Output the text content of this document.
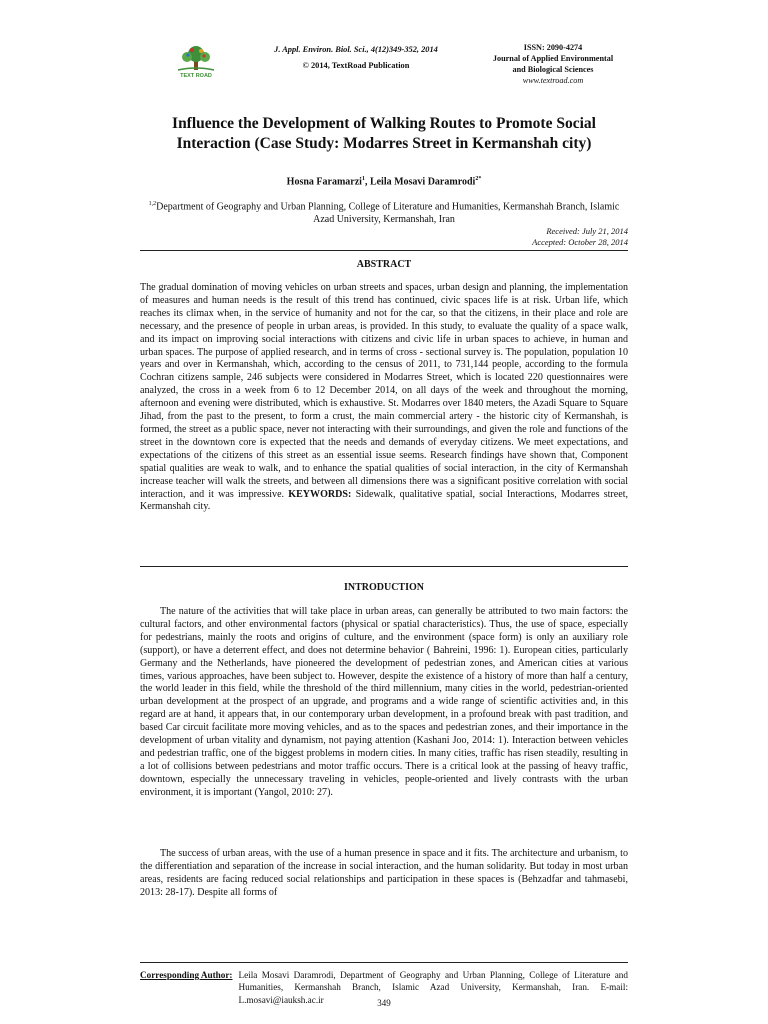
TEXT ROAD
J. Appl. Environ. Biol. Sci., 4(12)349-352, 2014
© 2014, TextRoad Publication
ISSN: 2090-4274
Journal of Applied Environmental
and Biological Sciences
www.textroad.com
Influence the Development of Walking Routes to Promote Social Interaction (Case Study: Modarres Street in Kermanshah city)
Hosna Faramarzi$^1$, Leila Mosavi Daramrodi$^{2*}$
$^{1,2}$Department of Geography and Urban Planning, College of Literature and Humanities, Kermanshah Branch, Islamic Azad University, Kermanshah, Iran
Received: July 21, 2014
Accepted: October 28, 2014
ABSTRACT
The gradual domination of moving vehicles on urban streets and spaces, urban design and planning, the implementation of measures and human needs is the result of this trend has continued, civic spaces life is at risk. Urban life, which reaches its climax when, in the service of humanity and not for the car, so that the citizens, in their place and role are necessary, and the presence of people in urban areas, is provided. In this study, to evaluate the quality of a space walk, and its impact on improving social interactions with citizens and civic life in urban spaces to achieve, in human and urban spaces. The purpose of applied research, and in terms of cross - sectional survey is. The population, population 10 years and over in Kermanshah, which, according to the census of 2011, to 731,144 people, according to the formula Cochran citizens sample, 246 subjects were considered in Modarres Street, which is located 220 questionnaires were analyzed, the cross in a week from 6 to 12 December 2014, on all days of the week and throughout the morning, afternoon and evening were distributed, which is exhaustive. St. Modarres over 1840 meters, the Azadi Square to Square Jihad, from the past to the present, to form a crust, the main commercial artery - the historic city of Kermanshah, is formed, the street as a public space, never not interacting with their surroundings, and given the role and functions of the street in the downtown core is expected that the needs and demands of everyday citizens. We meet expectations, and expectations of the citizens of this street as an essential issue seems. Research findings have shown that, Component spatial qualities are weak to walk, and to enhance the spatial qualities of social interaction, in the city of Kermanshah increase teacher will walk the streets, and between all dimensions there was a significant positive correlation with social interaction, and it was impressive. KEYWORDS: Sidewalk, qualitative spatial, social Interactions, Modarres street, Kermanshah city.
INTRODUCTION
The nature of the activities that will take place in urban areas, can generally be attributed to two main factors: the cultural factors, and other environmental factors (physical or spatial characteristics). Thus, the use of space, especially for pedestrians, mainly the roots and origins of culture, and the environment (space form) is only an auxiliary role (support), or have a deterrent effect, and does not determine behavior ( Bahreini, 1996: 1). European cities, particularly Germany and the Netherlands, have pioneered the development of pedestrian zones, and American cities at various times, various approaches, have been subject to. However, despite the existence of a history of more than half a century, the world leader in this field, while the threshold of the third millennium, many cities in the world, pedestrian-oriented urban development at the prospect of an upgrade, and programs and a wide range of scientific activities and, in this regard are at hand, it appears that, in our contemporary urban development, in a profound break with past tradition, and based Car circuit facilitate more moving vehicles, and as to the spaces and pedestrian zones, and their importance in the development of urban vitality and dynamism, not paying attention (Kashani Joo, 2014: 1). Interaction between vehicles and pedestrian traffic, one of the biggest problems in modern cities. In many cities, traffic has risen steadily, resulting in a lot of collisions between pedestrians and motor traffic occurs. There is a critical look at the passing of heavy traffic, downtown, especially the unnecessary traveling in vehicles, people-oriented and lively contrasts with the urban environment, it is important (Yangol, 2010: 27).
The success of urban areas, with the use of a human presence in space and it fits. The architecture and urbanism, to the differentiation and separation of the increase in social interaction, and the human solidarity. But today in most urban areas, residents are facing reduced social relationships and participation in these spaces is (Behzadfar and tahmasebi, 2013: 28-17). Despite all forms of
Corresponding Author: Leila Mosavi Daramrodi, Department of Geography and Urban Planning, College of Literature and Humanities, Kermanshah Branch, Islamic Azad University, Kermanshah, Iran. E-mail: L.mosavi@iauksh.ac.ir	349
